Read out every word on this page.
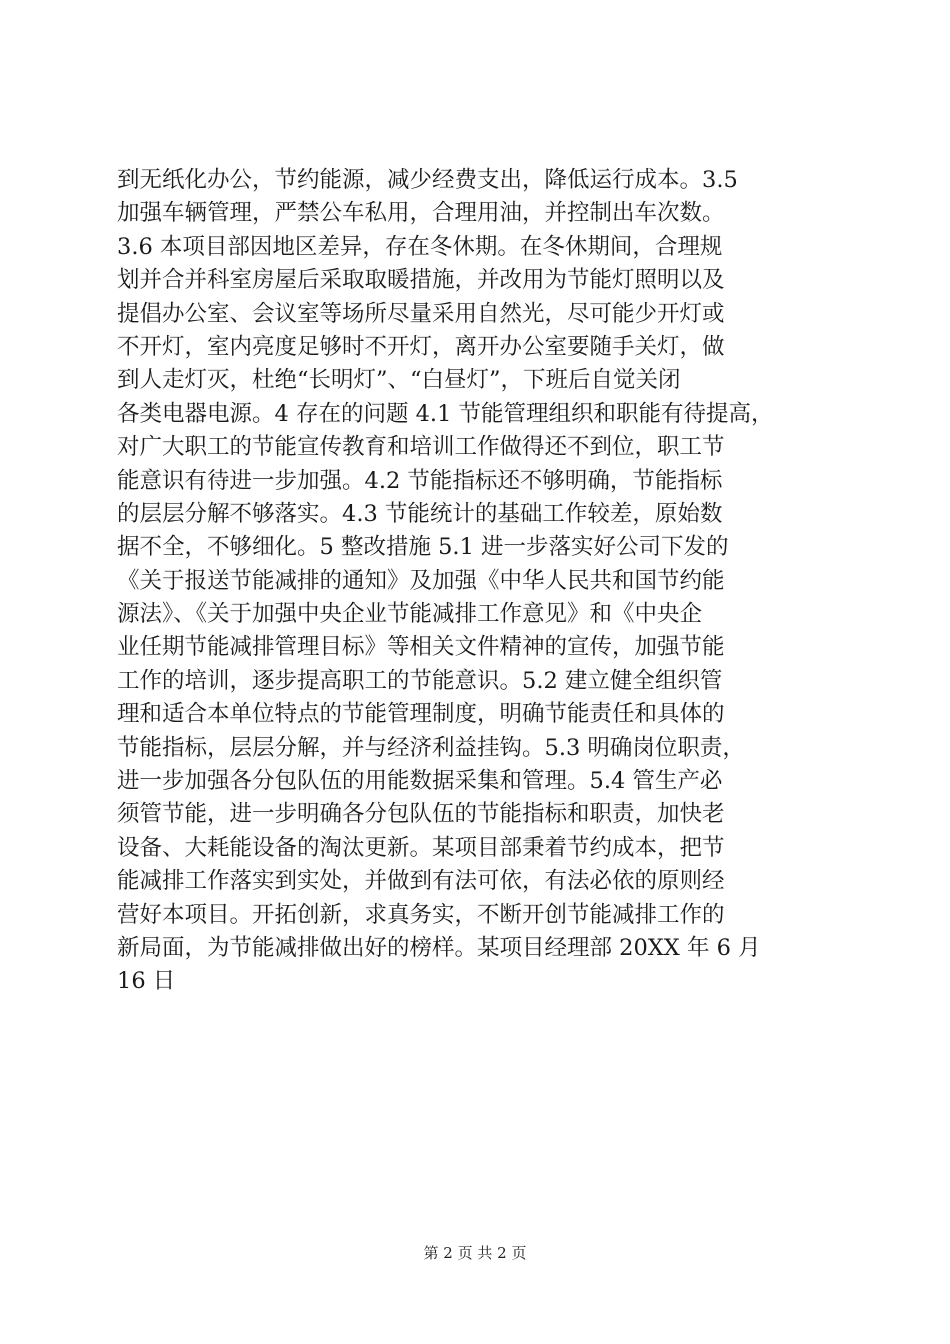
到无纸化办公，节约能源，减少经费支出，降低运行成本。3.5
加强车辆管理，严禁公车私用，合理用油，并控制出车次数。
3.6 本项目部因地区差异，存在冬休期。在冬休期间，合理规
划并合并科室房屋后采取取暖措施，并改用为节能灯照明以及
提倡办公室、会议室等场所尽量采用自然光，尽可能少开灯或
不开灯，室内亮度足够时不开灯，离开办公室要随手关灯，做
到人走灯灭，杜绝“长明灯”、“白昼灯”，下班后自觉关闭
各类电器电源。4 存在的问题 4.1 节能管理组织和职能有待提高，
对广大职工的节能宣传教育和培训工作做得还不到位，职工节
能意识有待进一步加强。4.2 节能指标还不够明确，节能指标
的层层分解不够落实。4.3 节能统计的基础工作较差，原始数
据不全，不够细化。5 整改措施 5.1 进一步落实好公司下发的
《关于报送节能减排的通知》及加强《中华人民共和国节约能
源法》、《关于加强中央企业节能减排工作意见》和《中央企
业任期节能减排管理目标》等相关文件精神的宣传，加强节能
工作的培训，逐步提高职工的节能意识。5.2 建立健全组织管
理和适合本单位特点的节能管理制度，明确节能责任和具体的
节能指标，层层分解，并与经济利益挂钩。5.3 明确岗位职责，
进一步加强各分包队伍的用能数据采集和管理。5.4 管生产必
须管节能，进一步明确各分包队伍的节能指标和职责，加快老
设备、大耗能设备的淘汰更新。某项目部秉着节约成本，把节
能减排工作落实到实处，并做到有法可依，有法必依的原则经
营好本项目。开拓创新，求真务实，不断开创节能减排工作的
新局面，为节能减排做出好的榜样。某项目经理部 20XX 年 6 月
16 日
第 2 页 共 2 页
